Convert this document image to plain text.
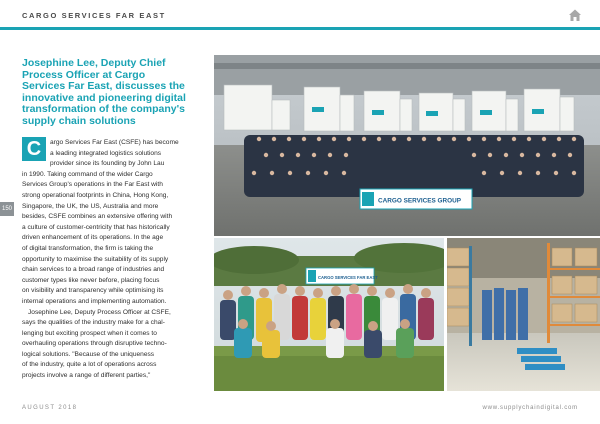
CARGO SERVICES FAR EAST
Josephine Lee, Deputy Chief
Process Officer at Cargo
Services Far East, discusses the
innovative and pioneering digital
transformation of the company's
supply chain solutions
C	argo Services Far East (CSFE) has become
a leading integrated logistics solutions
provider since its founding by John Lau
in 1990. Taking command of the wider Cargo
Services Group's operations in the Far East with
strong operational footprints in China, Hong Kong,
Singapore, the UK, the US, Australia and more
besides, CSFE combines an extensive offering with
a culture of customer-centricity that has historically
driven enhancement of its operations. In the age
of digital transformation, the firm is taking the
opportunity to maximise the suitability of its supply
chain services to a broad range of industries and
customer types like never before, placing focus
on visibility and transparency while optimising its
internal operations and implementing automation.
Josephine Lee, Deputy Process Officer at CSFE,
says the qualities of the industry make for a chal-
lenging but exciting prospect when it comes to
overhauling operations through disruptive techno-
logical solutions. "Because of the uniqueness
of the industry, quite a lot of operations across
projects involve a range of different parties,"
150
CARGO SERVICES GROUP
CARGO SERVICES FAR EAST
AUGUST 2018	www.supplychaindigital.com
